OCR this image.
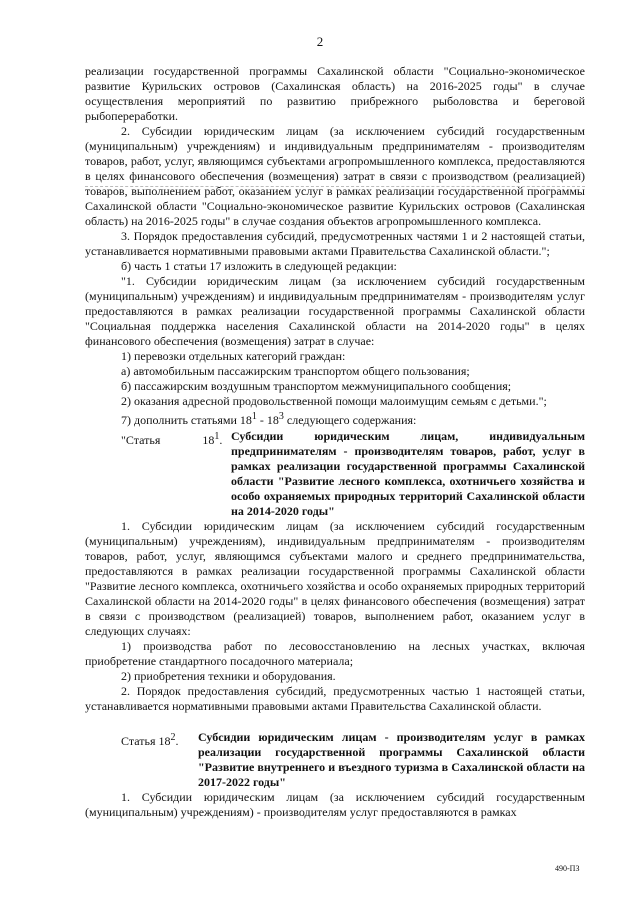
2

реализации государственной программы Сахалинской области "Социально-экономическое развитие Курильских островов (Сахалинская область) на 2016-2025 годы" в случае осуществления мероприятий по развитию прибрежного рыболовства и береговой рыбопереработки.

2. Субсидии юридическим лицам (за исключением субсидий государственным (муниципальным) учреждениям) и индивидуальным предпринимателям - производителям товаров, работ, услуг, являющимся субъектами агропромышленного комплекса, предоставляются в целях финансового обеспечения (возмещения) затрат в связи с производством (реализацией) товаров, выполнением работ, оказанием услуг в рамках реализации государственной программы Сахалинской области "Социально-экономическое развитие Курильских островов (Сахалинская область) на 2016-2025 годы" в случае создания объектов агропромышленного комплекса.

3. Порядок предоставления субсидий, предусмотренных частями 1 и 2 настоящей статьи, устанавливается нормативными правовыми актами Правительства Сахалинской области.";

б) часть 1 статьи 17 изложить в следующей редакции:

"1. Субсидии юридическим лицам (за исключением субсидий государственным (муниципальным) учреждениям) и индивидуальным предпринимателям - производителям услуг предоставляются в рамках реализации государственной программы Сахалинской области "Социальная поддержка населения Сахалинской области на 2014-2020 годы" в целях финансового обеспечения (возмещения) затрат в случае:

1) перевозки отдельных категорий граждан:

а) автомобильным пассажирским транспортом общего пользования;

б) пассажирским воздушным транспортом межмуниципального сообщения;

2) оказания адресной продовольственной помощи малоимущим семьям с детьми.";

7) дополнить статьями $18^1 - 18^3$ следующего содержания:

"Статья	$18^1$. Субсидии юридическим лицам, индивидуальным предпринимателям - производителям товаров, работ, услуг в рамках реализации государственной программы Сахалинской области "Развитие лесного комплекса, охотничьего хозяйства и особо охраняемых природных территорий Сахалинской области на 2014-2020 годы"

1. Субсидии юридическим лицам (за исключением субсидий государственным (муниципальным) учреждениям), индивидуальным предпринимателям - производителям товаров, работ, услуг, являющимся субъектами малого и среднего предпринимательства, предоставляются в рамках реализации государственной программы Сахалинской области "Развитие лесного комплекса, охотничьего хозяйства и особо охраняемых природных территорий Сахалинской области на 2014-2020 годы" в целях финансового обеспечения (возмещения) затрат в связи с производством (реализацией) товаров, выполнением работ, оказанием услуг в следующих случаях:

1) производства работ по лесовосстановлению на лесных участках, включая приобретение стандартного посадочного материала;

2) приобретения техники и оборудования.

2. Порядок предоставления субсидий, предусмотренных частью 1 настоящей статьи, устанавливается нормативными правовыми актами Правительства Сахалинской области.

Статья $18^2$.	Субсидии юридическим лицам - производителям услуг в рамках реализации государственной программы Сахалинской области "Развитие внутреннего и въездного туризма в Сахалинской области на 2017-2022 годы"

1. Субсидии юридическим лицам (за исключением субсидий государственным (муниципальным) учреждениям) - производителям услуг предоставляются в рамках

490-ПЗ
